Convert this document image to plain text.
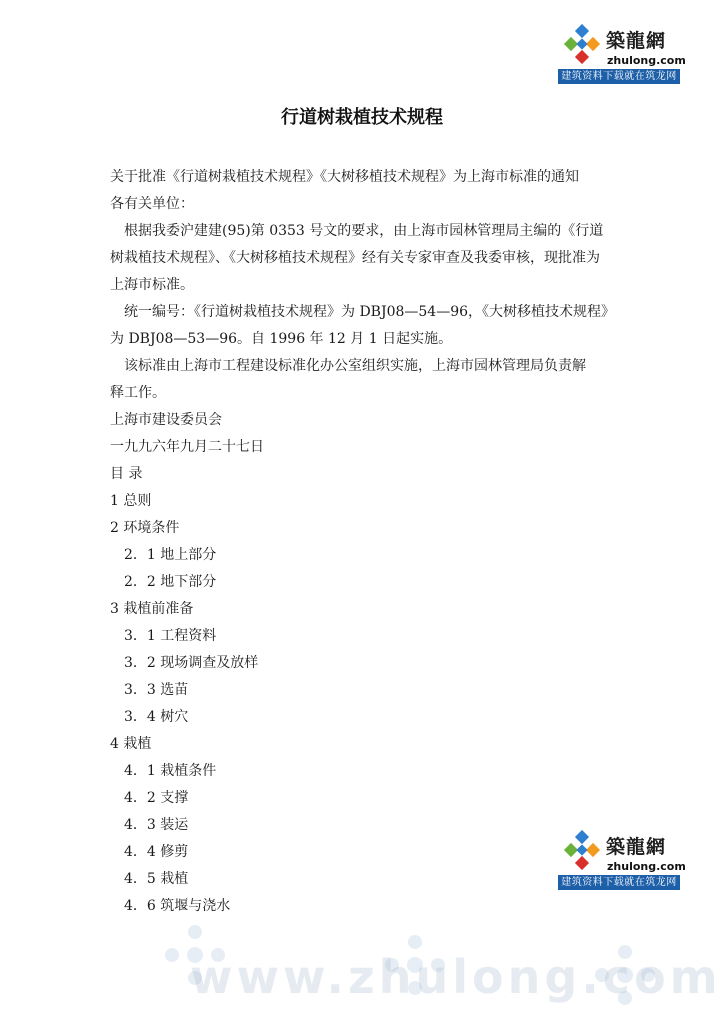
築龍網
zhulong.com
建筑资料下载就在筑龙网
行道树栽植技术规程
关于批准《行道树栽植技术规程》《大树移植技术规程》为上海市标准的通知
各有关单位：
根据我委沪建建(95)第 0353 号文的要求，由上海市园林管理局主编的《行道
树栽植技术规程》、《大树移植技术规程》经有关专家审查及我委审核，现批准为
上海市标准。
统一编号：《行道树栽植技术规程》为 DBJ08—54—96，《大树移植技术规程》
为 DBJ08—53—96。自 1996 年 12 月 1 日起实施。
该标准由上海市工程建设标准化办公室组织实施，上海市园林管理局负责解
释工作。
上海市建设委员会
一九九六年九月二十七日
目 录
1 总则
2 环境条件
2．1 地上部分
2．2 地下部分
3 栽植前准备
3．1 工程资料
3．2 现场调查及放样
3．3 选苗
3．4 树穴
4 栽植
4．1 栽植条件
4．2 支撑
4．3 装运
4．4 修剪
4．5 栽植
4．6 筑堰与浇水
築龍網
zhulong.com
建筑资料下载就在筑龙网
www.zhulong.com
